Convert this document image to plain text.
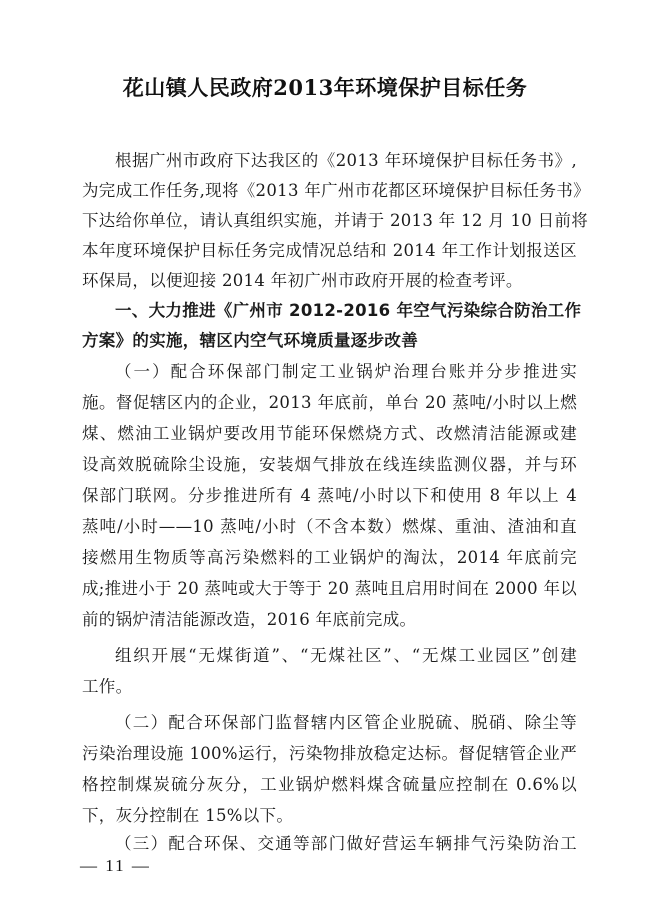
花山镇人民政府2013年环境保护目标任务
根据广州市政府下达我区的《2013 年环境保护目标任务书》,
为完成工作任务,现将《2013 年广州市花都区环境保护目标任务书》
下达给你单位，请认真组织实施，并请于 2013 年 12 月 10 日前将
本年度环境保护目标任务完成情况总结和 2014 年工作计划报送区
环保局，以便迎接 2014 年初广州市政府开展的检查考评。
一、大力推进《广州市 2012-2016 年空气污染综合防治工作
方案》的实施，辖区内空气环境质量逐步改善
（一）配合环保部门制定工业锅炉治理台账并分步推进实
施。督促辖区内的企业，2013 年底前，单台 20 蒸吨/小时以上燃
煤、燃油工业锅炉要改用节能环保燃烧方式、改燃清洁能源或建
设高效脱硫除尘设施，安装烟气排放在线连续监测仪器，并与环
保部门联网。分步推进所有 4 蒸吨/小时以下和使用 8 年以上 4
蒸吨/小时——10 蒸吨/小时（不含本数）燃煤、重油、渣油和直
接燃用生物质等高污染燃料的工业锅炉的淘汰，2014 年底前完
成;推进小于 20 蒸吨或大于等于 20 蒸吨且启用时间在 2000 年以
前的锅炉清洁能源改造，2016 年底前完成。
组织开展“无煤街道”、“无煤社区”、“无煤工业园区”创建
工作。
（二）配合环保部门监督辖内区管企业脱硫、脱硝、除尘等
污染治理设施 100%运行，污染物排放稳定达标。督促辖管企业严
格控制煤炭硫分灰分，工业锅炉燃料煤含硫量应控制在 0.6%以
下，灰分控制在 15%以下。
（三）配合环保、交通等部门做好营运车辆排气污染防治工
— 11 —
